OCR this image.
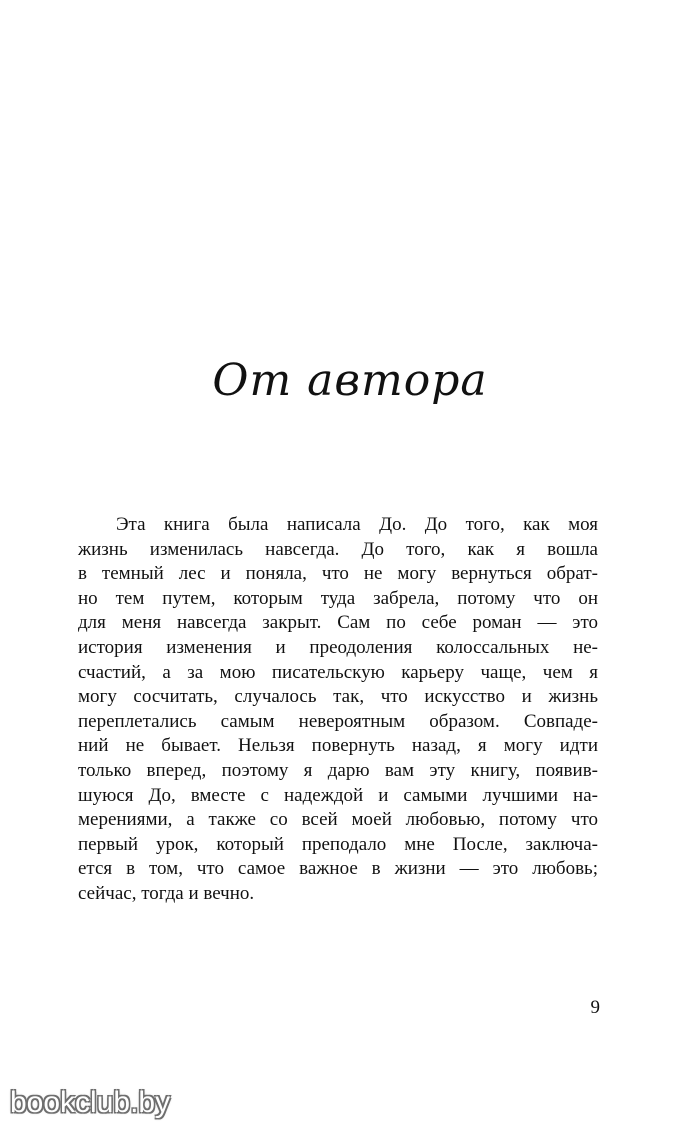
От автора
Эта книга была написала До. До того, как моя
жизнь изменилась навсегда. До того, как я вошла
в темный лес и поняла, что не могу вернуться обрат-
но тем путем, которым туда забрела, потому что он
для меня навсегда закрыт. Сам по себе роман — это
история изменения и преодоления колоссальных не-
счастий, а за мою писательскую карьеру чаще, чем я
могу сосчитать, случалось так, что искусство и жизнь
переплетались самым невероятным образом. Совпаде-
ний не бывает. Нельзя повернуть назад, я могу идти
только вперед, поэтому я дарю вам эту книгу, появив-
шуюся До, вместе с надеждой и самыми лучшими на-
мерениями, а также со всей моей любовью, потому что
первый урок, который преподало мне После, заключа-
ется в том, что самое важное в жизни — это любовь;
сейчас, тогда и вечно.
9
bookclub.by
